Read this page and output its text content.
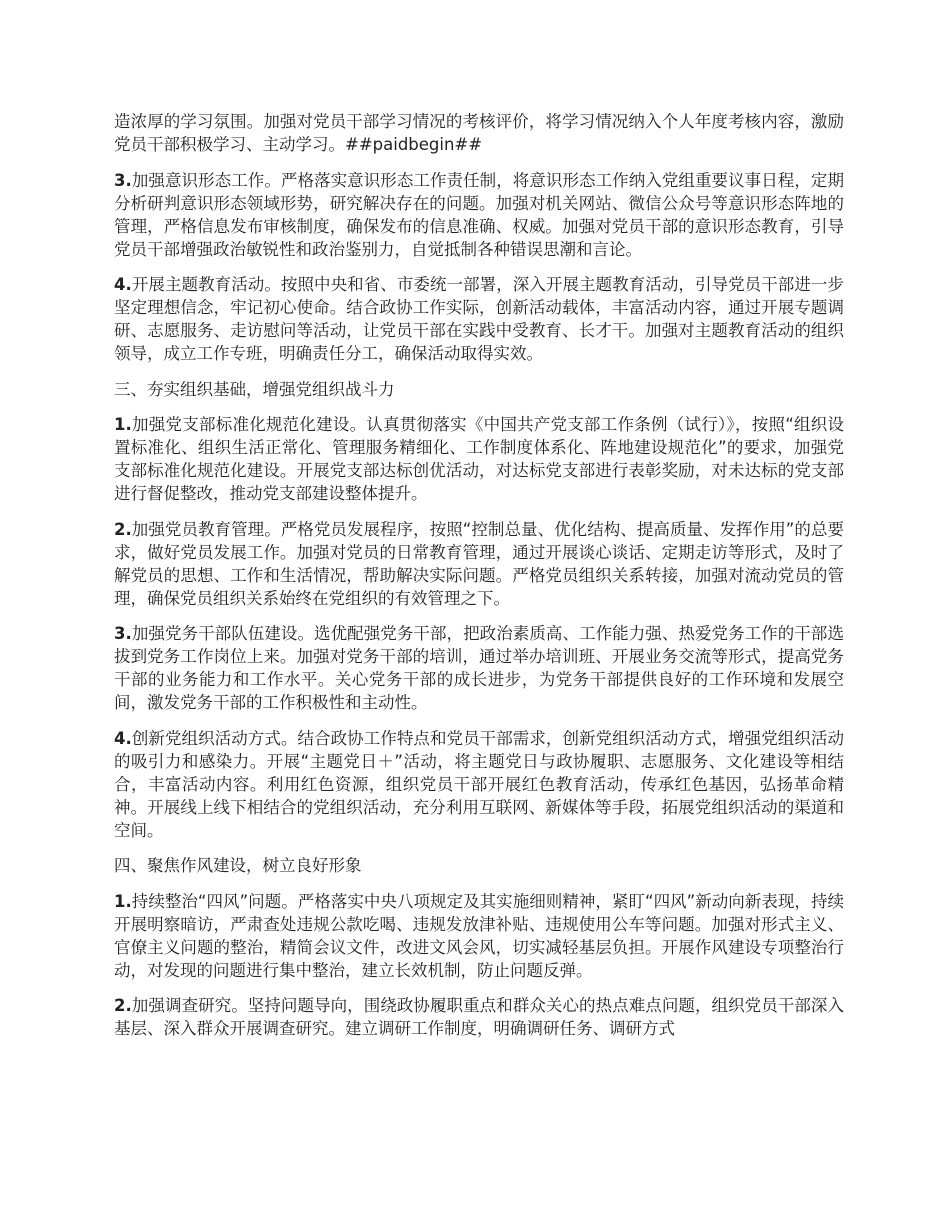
造浓厚的学习氛围。加强对党员干部学习情况的考核评价，将学习情况纳入个人年度考核内容，激励党员干部积极学习、主动学习。##paidbegin##

3.加强意识形态工作。严格落实意识形态工作责任制，将意识形态工作纳入党组重要议事日程，定期分析研判意识形态领域形势，研究解决存在的问题。加强对机关网站、微信公众号等意识形态阵地的管理，严格信息发布审核制度，确保发布的信息准确、权威。加强对党员干部的意识形态教育，引导党员干部增强政治敏锐性和政治鉴别力，自觉抵制各种错误思潮和言论。

4.开展主题教育活动。按照中央和省、市委统一部署，深入开展主题教育活动，引导党员干部进一步坚定理想信念，牢记初心使命。结合政协工作实际，创新活动载体，丰富活动内容，通过开展专题调研、志愿服务、走访慰问等活动，让党员干部在实践中受教育、长才干。加强对主题教育活动的组织领导，成立工作专班，明确责任分工，确保活动取得实效。

三、夯实组织基础，增强党组织战斗力

1.加强党支部标准化规范化建设。认真贯彻落实《中国共产党支部工作条例（试行）》，按照“组织设置标准化、组织生活正常化、管理服务精细化、工作制度体系化、阵地建设规范化”的要求，加强党支部标准化规范化建设。开展党支部达标创优活动，对达标党支部进行表彰奖励，对未达标的党支部进行督促整改，推动党支部建设整体提升。

2.加强党员教育管理。严格党员发展程序，按照“控制总量、优化结构、提高质量、发挥作用”的总要求，做好党员发展工作。加强对党员的日常教育管理，通过开展谈心谈话、定期走访等形式，及时了解党员的思想、工作和生活情况，帮助解决实际问题。严格党员组织关系转接，加强对流动党员的管理，确保党员组织关系始终在党组织的有效管理之下。

3.加强党务干部队伍建设。选优配强党务干部，把政治素质高、工作能力强、热爱党务工作的干部选拔到党务工作岗位上来。加强对党务干部的培训，通过举办培训班、开展业务交流等形式，提高党务干部的业务能力和工作水平。关心党务干部的成长进步，为党务干部提供良好的工作环境和发展空间，激发党务干部的工作积极性和主动性。

4.创新党组织活动方式。结合政协工作特点和党员干部需求，创新党组织活动方式，增强党组织活动的吸引力和感染力。开展“主题党日＋”活动，将主题党日与政协履职、志愿服务、文化建设等相结合，丰富活动内容。利用红色资源，组织党员干部开展红色教育活动，传承红色基因，弘扬革命精神。开展线上线下相结合的党组织活动，充分利用互联网、新媒体等手段，拓展党组织活动的渠道和空间。

四、聚焦作风建设，树立良好形象

1.持续整治“四风”问题。严格落实中央八项规定及其实施细则精神，紧盯“四风”新动向新表现，持续开展明察暗访，严肃查处违规公款吃喝、违规发放津补贴、违规使用公车等问题。加强对形式主义、官僚主义问题的整治，精简会议文件，改进文风会风，切实减轻基层负担。开展作风建设专项整治行动，对发现的问题进行集中整治，建立长效机制，防止问题反弹。

2.加强调查研究。坚持问题导向，围绕政协履职重点和群众关心的热点难点问题，组织党员干部深入基层、深入群众开展调查研究。建立调研工作制度，明确调研任务、调研方式
